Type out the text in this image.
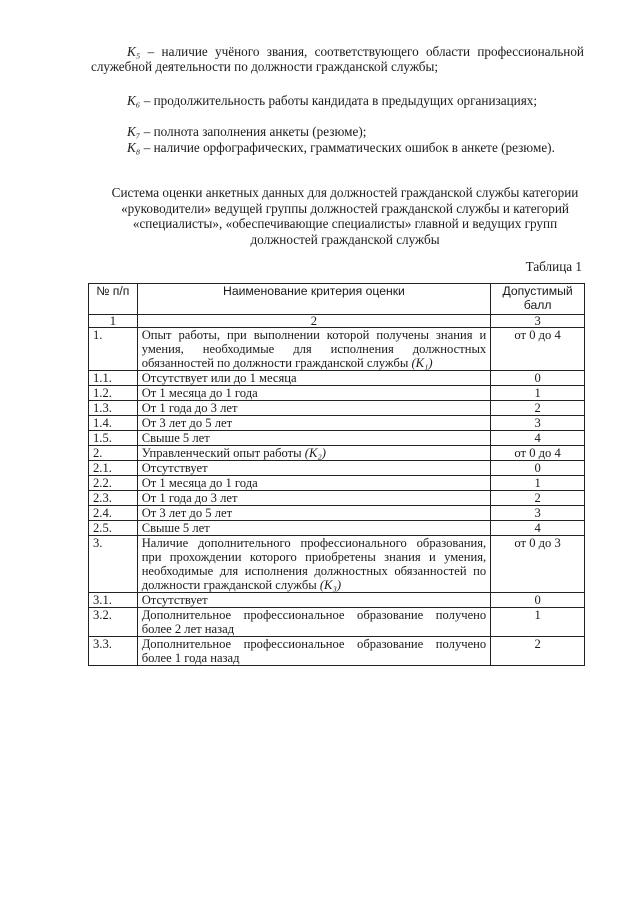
K₅ – наличие учёного звания, соответствующего области профессиональной служебной деятельности по должности гражданской службы;
K₆ – продолжительность работы кандидата в предыдущих организациях;
K₇ – полнота заполнения анкеты (резюме);
K₈ – наличие орфографических, грамматических ошибок в анкете (резюме).
Система оценки анкетных данных для должностей гражданской службы категории «руководители» ведущей группы должностей гражданской службы и категорий «специалисты», «обеспечивающие специалисты» главной и ведущих групп должностей гражданской службы
Таблица 1
№ п/п	Наименование критерия оценки	Допустимый балл
1	2	3
1.	Опыт работы, при выполнении которой получены знания и умения, необходимые для исполнения должностных обязанностей по должности гражданской службы (K₁)	от 0 до 4
1.1.	Отсутствует или до 1 месяца	0
1.2.	От 1 месяца до 1 года	1
1.3.	От 1 года до 3 лет	2
1.4.	От 3 лет до 5 лет	3
1.5.	Свыше 5 лет	4
2.	Управленческий опыт работы (K₂)	от 0 до 4
2.1.	Отсутствует	0
2.2.	От 1 месяца до 1 года	1
2.3.	От 1 года до 3 лет	2
2.4.	От 3 лет до 5 лет	3
2.5.	Свыше 5 лет	4
3.	Наличие дополнительного профессионального образования, при прохождении которого приобретены знания и умения, необходимые для исполнения должностных обязанностей по должности гражданской службы (K₃)	от 0 до 3
3.1.	Отсутствует	0
3.2.	Дополнительное профессиональное образование получено более 2 лет назад	1
3.3.	Дополнительное профессиональное образование получено более 1 года назад	2
